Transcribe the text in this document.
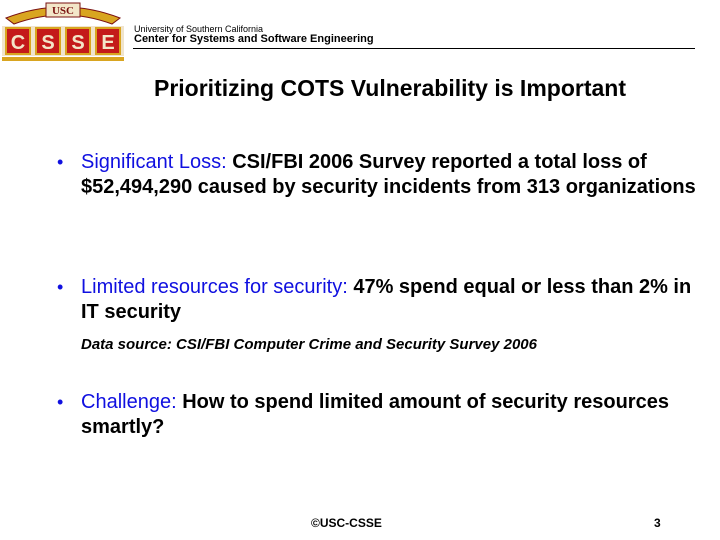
USC
C S S E
University of Southern California
Center for Systems and Software Engineering
Prioritizing COTS Vulnerability is Important
• Significant Loss: CSI/FBI 2006 Survey reported a total loss of $52,494,290 caused by security incidents from 313 organizations
• Limited resources for security: 47% spend equal or less than 2% in IT security
Data source: CSI/FBI Computer Crime and Security Survey 2006
• Challenge: How to spend limited amount of security resources smartly?
©USC-CSSE	3
